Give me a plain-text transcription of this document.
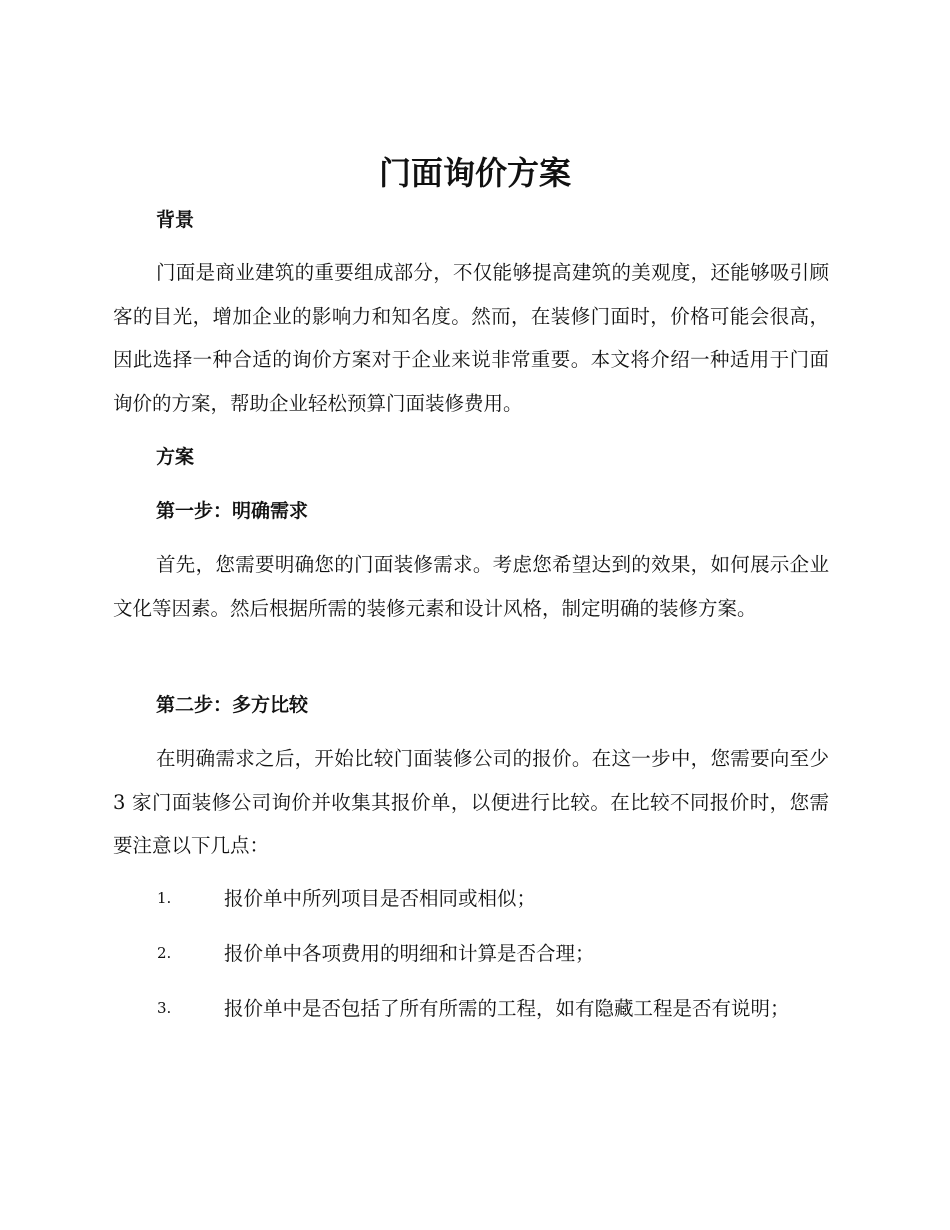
门面询价方案
背景

门面是商业建筑的重要组成部分，不仅能够提高建筑的美观度，还能够吸引顾客的目光，增加企业的影响力和知名度。然而，在装修门面时，价格可能会很高，因此选择一种合适的询价方案对于企业来说非常重要。本文将介绍一种适用于门面询价的方案，帮助企业轻松预算门面装修费用。

方案
第一步：明确需求

首先，您需要明确您的门面装修需求。考虑您希望达到的效果，如何展示企业文化等因素。然后根据所需的装修元素和设计风格，制定明确的装修方案。

第二步：多方比较

在明确需求之后，开始比较门面装修公司的报价。在这一步中，您需要向至少 3 家门面装修公司询价并收集其报价单，以便进行比较。在比较不同报价时，您需要注意以下几点：

1.	报价单中所列项目是否相同或相似；
2.	报价单中各项费用的明细和计算是否合理；
3.	报价单中是否包括了所有所需的工程，如有隐藏工程是否有说明；
